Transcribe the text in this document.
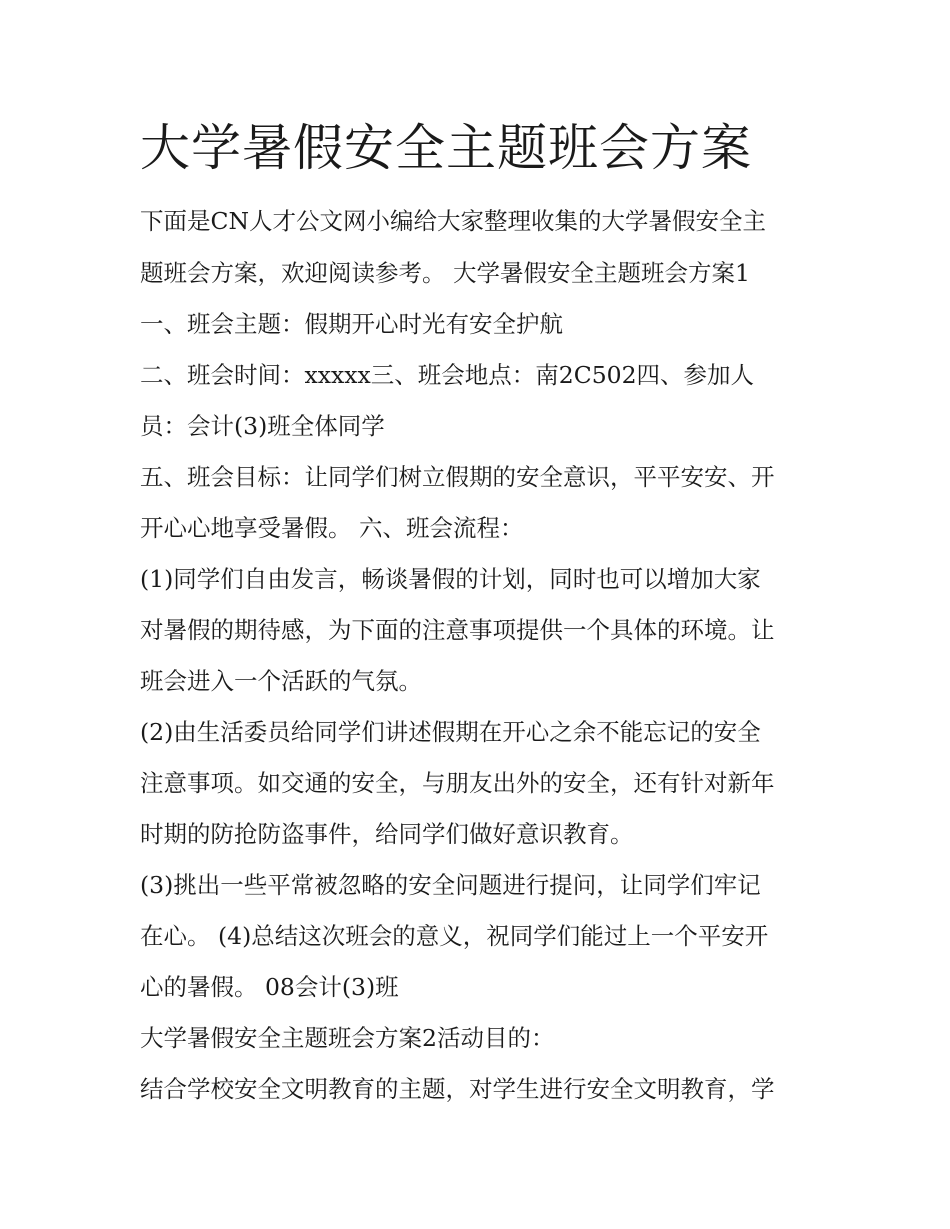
大学暑假安全主题班会方案

下面是CN人才公文网小编给大家整理收集的大学暑假安全主

题班会方案，欢迎阅读参考。 大学暑假安全主题班会方案1

一、班会主题：假期开心时光有安全护航

二、班会时间：xxxxx三、班会地点：南2C502四、参加人

员：会计(3)班全体同学

五、班会目标：让同学们树立假期的安全意识，平平安安、开

开心心地享受暑假。 六、班会流程：

(1)同学们自由发言，畅谈暑假的计划，同时也可以增加大家

对暑假的期待感，为下面的注意事项提供一个具体的环境。让

班会进入一个活跃的气氛。

(2)由生活委员给同学们讲述假期在开心之余不能忘记的安全

注意事项。如交通的安全，与朋友出外的安全，还有针对新年

时期的防抢防盗事件，给同学们做好意识教育。

(3)挑出一些平常被忽略的安全问题进行提问，让同学们牢记

在心。 (4)总结这次班会的意义，祝同学们能过上一个平安开

心的暑假。 08会计(3)班

大学暑假安全主题班会方案2活动目的：

结合学校安全文明教育的主题，对学生进行安全文明教育，学
